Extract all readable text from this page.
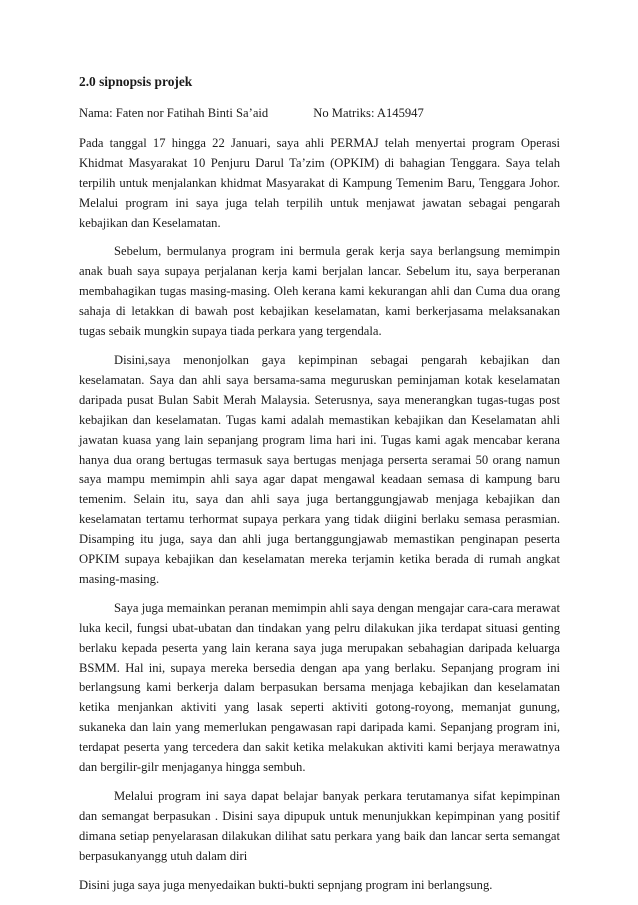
2.0 sipnopsis projek
Nama: Faten nor Fatihah Binti Sa’aid	No Matriks: A145947

Pada tanggal 17 hingga 22 Januari, saya ahli PERMAJ telah menyertai program Operasi Khidmat Masyarakat 10 Penjuru Darul Ta’zim (OPKIM) di bahagian Tenggara. Saya telah terpilih untuk menjalankan khidmat Masyarakat di Kampung Temenim Baru, Tenggara Johor. Melalui program ini saya juga telah terpilih untuk menjawat jawatan sebagai pengarah kebajikan dan Keselamatan.

Sebelum, bermulanya program ini bermula gerak kerja saya berlangsung memimpin anak buah saya supaya perjalanan kerja kami berjalan lancar. Sebelum itu, saya berperanan membahagikan tugas masing-masing. Oleh kerana kami kekurangan ahli dan Cuma dua orang sahaja di letakkan di bawah post kebajikan keselamatan, kami berkerjasama melaksanakan tugas sebaik mungkin supaya tiada perkara yang tergendala.

Disini,saya menonjolkan gaya kepimpinan sebagai pengarah kebajikan dan keselamatan. Saya dan ahli saya bersama-sama meguruskan peminjaman kotak keselamatan daripada pusat Bulan Sabit Merah Malaysia. Seterusnya, saya menerangkan tugas-tugas post kebajikan dan keselamatan. Tugas kami adalah memastikan kebajikan dan Keselamatan ahli jawatan kuasa yang lain sepanjang program lima hari ini. Tugas kami agak mencabar kerana hanya dua orang bertugas termasuk saya bertugas menjaga perserta seramai 50 orang namun saya mampu memimpin ahli saya agar dapat mengawal keadaan semasa di kampung baru temenim. Selain itu, saya dan ahli saya juga bertanggungjawab menjaga kebajikan dan keselamatan tertamu terhormat supaya perkara yang tidak diigini berlaku semasa perasmian. Disamping itu juga, saya dan ahli juga bertanggungjawab memastikan penginapan peserta OPKIM supaya kebajikan dan keselamatan mereka terjamin ketika berada di rumah angkat masing-masing.

Saya juga memainkan peranan memimpin ahli saya dengan mengajar cara-cara merawat luka kecil, fungsi ubat-ubatan dan tindakan yang pelru dilakukan jika terdapat situasi genting berlaku kepada peserta yang lain kerana saya juga merupakan sebahagian daripada keluarga BSMM. Hal ini, supaya mereka bersedia dengan apa yang berlaku. Sepanjang program ini berlangsung kami berkerja dalam berpasukan bersama menjaga kebajikan dan keselamatan ketika menjankan aktiviti yang lasak seperti aktiviti gotong-royong, memanjat gunung, sukaneka dan lain yang memerlukan pengawasan rapi daripada kami. Sepanjang program ini, terdapat peserta yang tercedera dan sakit ketika melakukan aktiviti kami berjaya merawatnya dan bergilir-gilr menjaganya hingga sembuh.

Melalui program ini saya dapat belajar banyak perkara terutamanya sifat kepimpinan dan semangat berpasukan . Disini saya dipupuk untuk menunjukkan kepimpinan yang positif dimana setiap penyelarasan dilakukan dilihat satu perkara yang baik dan lancar serta semangat berpasukanyangg utuh dalam diri

Disini juga saya juga menyedaikan bukti-bukti sepnjang program ini berlangsung.
